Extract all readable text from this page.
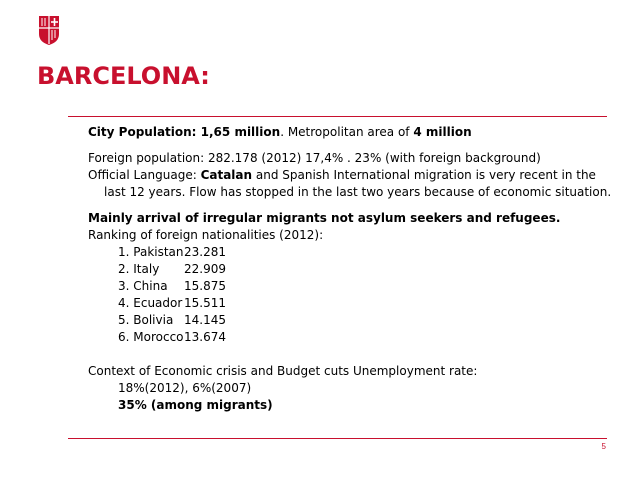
BARCELONA:
City Population: 1,65 million. Metropolitan area of 4 million
Foreign population: 282.178 (2012) 17,4% . 23% (with foreign background)
Official Language: Catalan and Spanish International migration is very recent in the last 12 years. Flow has stopped in the last two years because of economic situation.
Mainly arrival of irregular migrants not asylum seekers and refugees.
Ranking of foreign nationalities (2012):
1. Pakistan 23.281
2. Italy	22.909
3. China	15.875
4. Ecuador 15.511
5. Bolivia 14.145
6. Morocco 13.674
Context of Economic crisis and Budget cuts Unemployment rate:
18%(2012), 6%(2007)
35% (among migrants)
5
